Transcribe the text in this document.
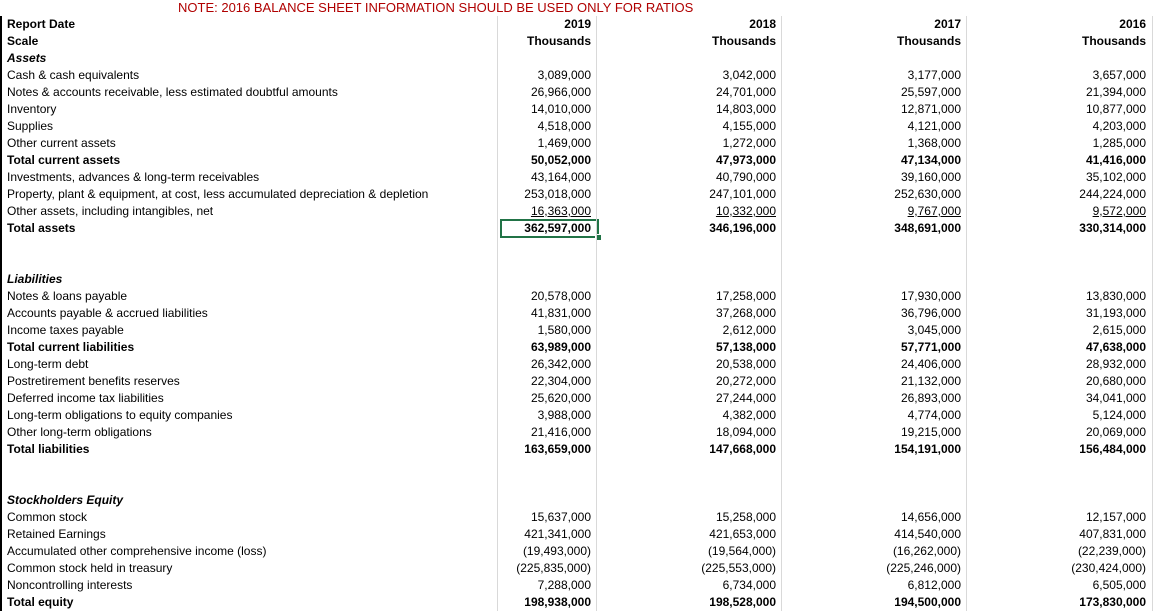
NOTE: 2016 BALANCE SHEET INFORMATION SHOULD BE USED ONLY FOR RATIOS
Report Date	2019	2018	2017	2016
Scale	Thousands	Thousands	Thousands	Thousands
Assets
Cash & cash equivalents	3,089,000	3,042,000	3,177,000	3,657,000
Notes & accounts receivable, less estimated doubtful amounts	26,966,000	24,701,000	25,597,000	21,394,000
Inventory	14,010,000	14,803,000	12,871,000	10,877,000
Supplies	4,518,000	4,155,000	4,121,000	4,203,000
Other current assets	1,469,000	1,272,000	1,368,000	1,285,000
Total current assets	50,052,000	47,973,000	47,134,000	41,416,000
Investments, advances & long-term receivables	43,164,000	40,790,000	39,160,000	35,102,000
Property, plant & equipment, at cost, less accumulated depreciation & depletion	253,018,000	247,101,000	252,630,000	244,224,000
Other assets, including intangibles, net	16,363,000	10,332,000	9,767,000	9,572,000
Total assets	362,597,000	346,196,000	348,691,000	330,314,000
Liabilities
Notes & loans payable	20,578,000	17,258,000	17,930,000	13,830,000
Accounts payable & accrued liabilities	41,831,000	37,268,000	36,796,000	31,193,000
Income taxes payable	1,580,000	2,612,000	3,045,000	2,615,000
Total current liabilities	63,989,000	57,138,000	57,771,000	47,638,000
Long-term debt	26,342,000	20,538,000	24,406,000	28,932,000
Postretirement benefits reserves	22,304,000	20,272,000	21,132,000	20,680,000
Deferred income tax liabilities	25,620,000	27,244,000	26,893,000	34,041,000
Long-term obligations to equity companies	3,988,000	4,382,000	4,774,000	5,124,000
Other long-term obligations	21,416,000	18,094,000	19,215,000	20,069,000
Total liabilities	163,659,000	147,668,000	154,191,000	156,484,000
Stockholders Equity
Common stock	15,637,000	15,258,000	14,656,000	12,157,000
Retained Earnings	421,341,000	421,653,000	414,540,000	407,831,000
Accumulated other comprehensive income (loss)	(19,493,000)	(19,564,000)	(16,262,000)	(22,239,000)
Common stock held in treasury	(225,835,000)	(225,553,000)	(225,246,000)	(230,424,000)
Noncontrolling interests	7,288,000	6,734,000	6,812,000	6,505,000
Total equity	198,938,000	198,528,000	194,500,000	173,830,000
